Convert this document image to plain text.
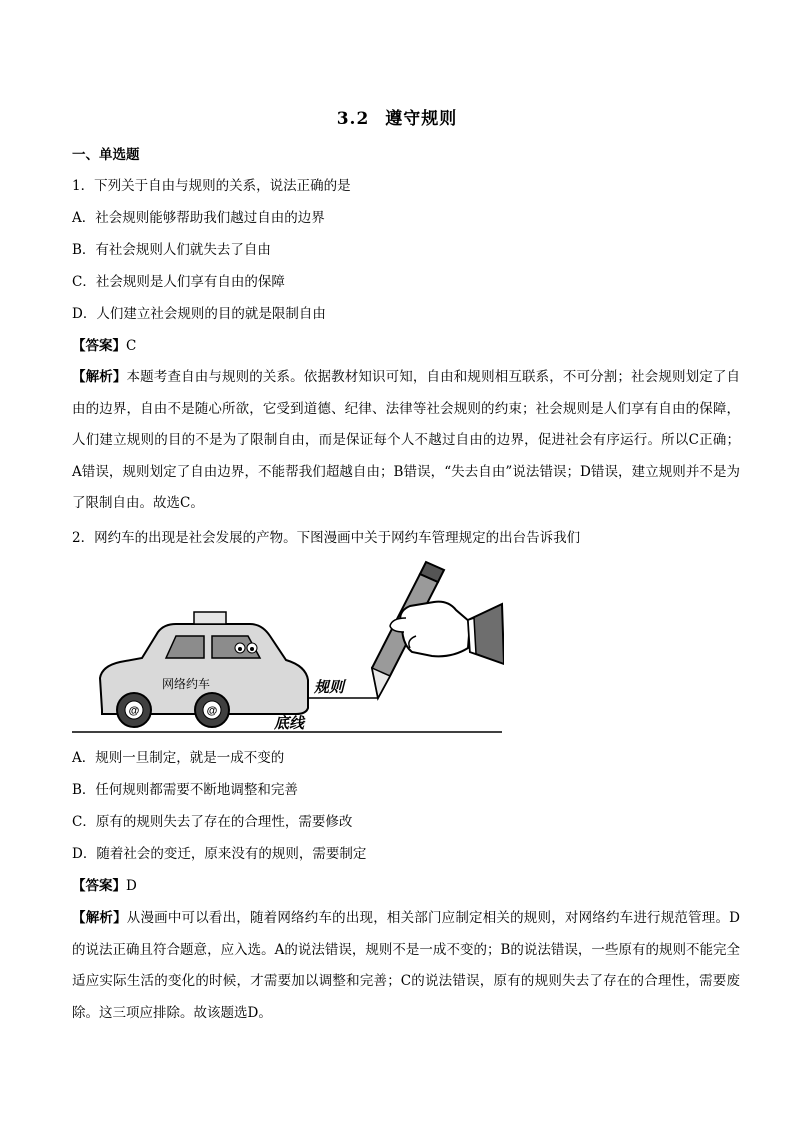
3.2 遵守规则
一、单选题
1．下列关于自由与规则的关系，说法正确的是
A．社会规则能够帮助我们越过自由的边界
B．有社会规则人们就失去了自由
C．社会规则是人们享有自由的保障
D．人们建立社会规则的目的就是限制自由
【答案】C
【解析】本题考查自由与规则的关系。依据教材知识可知，自由和规则相互联系，不可分割；社会规则划定了自由的边界，自由不是随心所欲，它受到道德、纪律、法律等社会规则的约束；社会规则是人们享有自由的保障，人们建立规则的目的不是为了限制自由，而是保证每个人不越过自由的边界，促进社会有序运行。所以C正确；A错误，规则划定了自由边界，不能帮我们超越自由；B错误，“失去自由”说法错误；D错误，建立规则并不是为了限制自由。故选C。
2．网约车的出现是社会发展的产物。下图漫画中关于网约车管理规定的出台告诉我们
@	@
网络约车	规则
底线
A．规则一旦制定，就是一成不变的
B．任何规则都需要不断地调整和完善
C．原有的规则失去了存在的合理性，需要修改
D．随着社会的变迁，原来没有的规则，需要制定
【答案】D
【解析】从漫画中可以看出，随着网络约车的出现，相关部门应制定相关的规则，对网络约车进行规范管理。D的说法正确且符合题意，应入选。A的说法错误，规则不是一成不变的；B的说法错误，一些原有的规则不能完全适应实际生活的变化的时候，才需要加以调整和完善；C的说法错误，原有的规则失去了存在的合理性，需要废除。这三项应排除。故该题选D。
